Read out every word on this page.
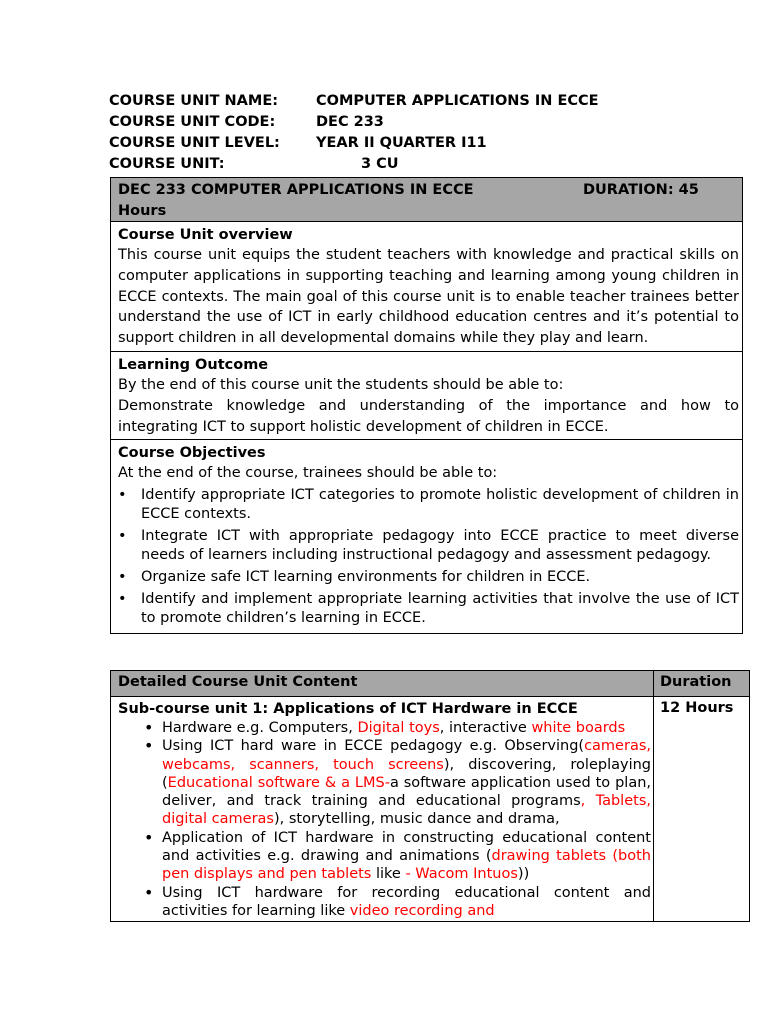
COURSE UNIT NAME:	COMPUTER APPLICATIONS IN ECCE
COURSE UNIT CODE:	DEC 233
COURSE UNIT LEVEL: YEAR II QUARTER I11
COURSE UNIT:	3 CU
DEC 233 COMPUTER APPLICATIONS IN ECCE	DURATION: 45
Hours
Course Unit overview
This course unit equips the student teachers with knowledge and practical skills on computer applications in supporting teaching and learning among young children in ECCE contexts. The main goal of this course unit is to enable teacher trainees better understand the use of ICT in early childhood education centres and it’s potential to support children in all developmental domains while they play and learn.
Learning Outcome
By the end of this course unit the students should be able to:
Demonstrate knowledge and understanding of the importance and how to integrating ICT to support holistic development of children in ECCE.
Course Objectives
At the end of the course, trainees should be able to:
• Identify appropriate ICT categories to promote holistic development of children in ECCE contexts.
• Integrate ICT with appropriate pedagogy into ECCE practice to meet diverse needs of learners including instructional pedagogy and assessment pedagogy.
• Organize safe ICT learning environments for children in ECCE.
• Identify and implement appropriate learning activities that involve the use of ICT to promote children’s learning in ECCE.
Detailed Course Unit Content	Duration
Sub-course unit 1: Applications of ICT Hardware in ECCE
• Hardware e.g. Computers, Digital toys, interactive white boards
• Using ICT hard ware in ECCE pedagogy e.g. Observing(cameras, webcams, scanners, touch screens), discovering, roleplaying (Educational software & a LMS-a software application used to plan, deliver, and track training and educational programs, Tablets, digital cameras), storytelling, music dance and drama,
• Application of ICT hardware in constructing educational content and activities e.g. drawing and animations (drawing tablets (both pen displays and pen tablets like - Wacom Intuos))
• Using ICT hardware for recording educational content and activities for learning like video recording and
12 Hours
